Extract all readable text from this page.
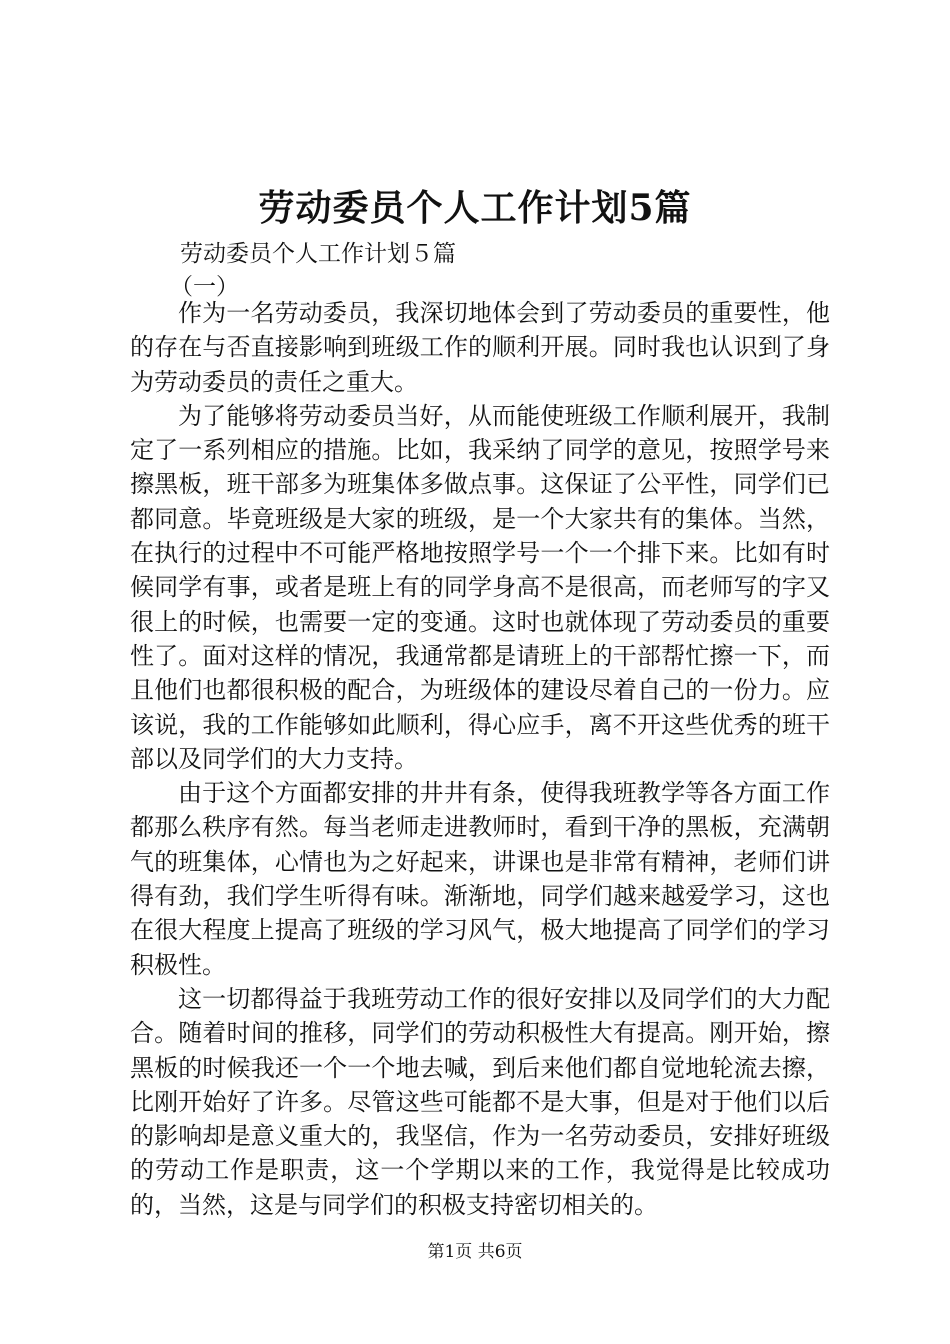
劳动委员个人工作计划5篇
劳动委员个人工作计划５篇
（一）

作为一名劳动委员，我深切地体会到了劳动委员的重要性，他的存在与否直接影响到班级工作的顺利开展。同时我也认识到了身为劳动委员的责任之重大。

为了能够将劳动委员当好，从而能使班级工作顺利展开，我制定了一系列相应的措施。比如，我采纳了同学的意见，按照学号来擦黑板，班干部多为班集体多做点事。这保证了公平性，同学们已都同意。毕竟班级是大家的班级，是一个大家共有的集体。当然，在执行的过程中不可能严格地按照学号一个一个排下来。比如有时候同学有事，或者是班上有的同学身高不是很高，而老师写的字又很上的时候，也需要一定的变通。这时也就体现了劳动委员的重要性了。面对这样的情况，我通常都是请班上的干部帮忙擦一下，而且他们也都很积极的配合，为班级体的建设尽着自己的一份力。应该说，我的工作能够如此顺利，得心应手，离不开这些优秀的班干部以及同学们的大力支持。

由于这个方面都安排的井井有条，使得我班教学等各方面工作都那么秩序有然。每当老师走进教师时，看到干净的黑板，充满朝气的班集体，心情也为之好起来，讲课也是非常有精神，老师们讲得有劲，我们学生听得有味。渐渐地，同学们越来越爱学习，这也在很大程度上提高了班级的学习风气，极大地提高了同学们的学习积极性。

这一切都得益于我班劳动工作的很好安排以及同学们的大力配合。随着时间的推移，同学们的劳动积极性大有提高。刚开始，擦黑板的时候我还一个一个地去喊，到后来他们都自觉地轮流去擦，比刚开始好了许多。尽管这些可能都不是大事，但是对于他们以后的影响却是意义重大的，我坚信，作为一名劳动委员，安排好班级的劳动工作是职责，这一个学期以来的工作，我觉得是比较成功的，当然，这是与同学们的积极支持密切相关的。

第1页 共6页
